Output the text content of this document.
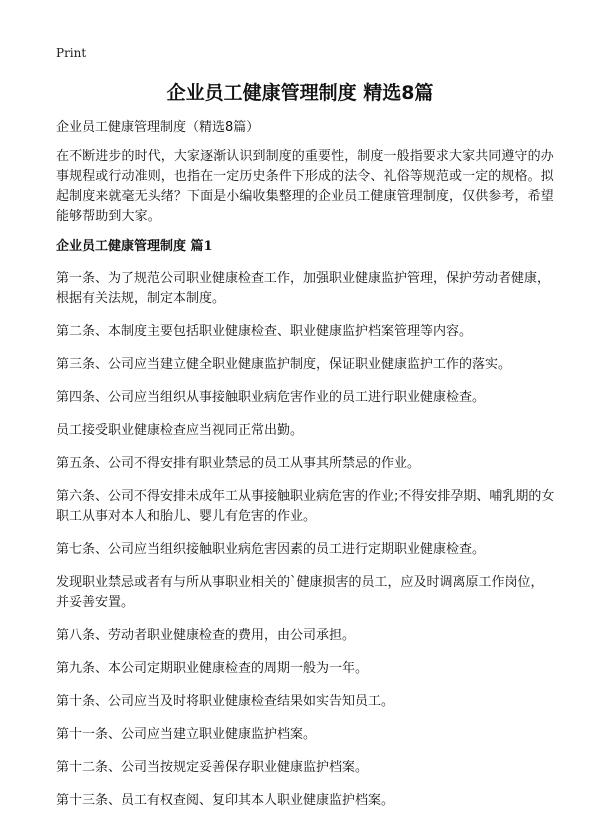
Print
企业员工健康管理制度 精选8篇

企业员工健康管理制度（精选8篇）

在不断进步的时代，大家逐渐认识到制度的重要性，制度一般指要求大家共同遵守的办事规程或行动准则，也指在一定历史条件下形成的法令、礼俗等规范或一定的规格。拟起制度来就毫无头绪？下面是小编收集整理的企业员工健康管理制度，仅供参考，希望能够帮助到大家。

企业员工健康管理制度 篇1

第一条、为了规范公司职业健康检查工作，加强职业健康监护管理，保护劳动者健康，根据有关法规，制定本制度。

第二条、本制度主要包括职业健康检查、职业健康监护档案管理等内容。

第三条、公司应当建立健全职业健康监护制度，保证职业健康监护工作的落实。

第四条、公司应当组织从事接触职业病危害作业的员工进行职业健康检查。

员工接受职业健康检查应当视同正常出勤。

第五条、公司不得安排有职业禁忌的员工从事其所禁忌的作业。

第六条、公司不得安排未成年工从事接触职业病危害的作业;不得安排孕期、哺乳期的女职工从事对本人和胎儿、婴儿有危害的作业。

第七条、公司应当组织接触职业病危害因素的员工进行定期职业健康检查。

发现职业禁忌或者有与所从事职业相关的`健康损害的员工，应及时调离原工作岗位，并妥善安置。

第八条、劳动者职业健康检查的费用，由公司承担。

第九条、本公司定期职业健康检查的周期一般为一年。

第十条、公司应当及时将职业健康检查结果如实告知员工。

第十一条、公司应当建立职业健康监护档案。

第十二条、公司当按规定妥善保存职业健康监护档案。

第十三条、员工有权查阅、复印其本人职业健康监护档案。
